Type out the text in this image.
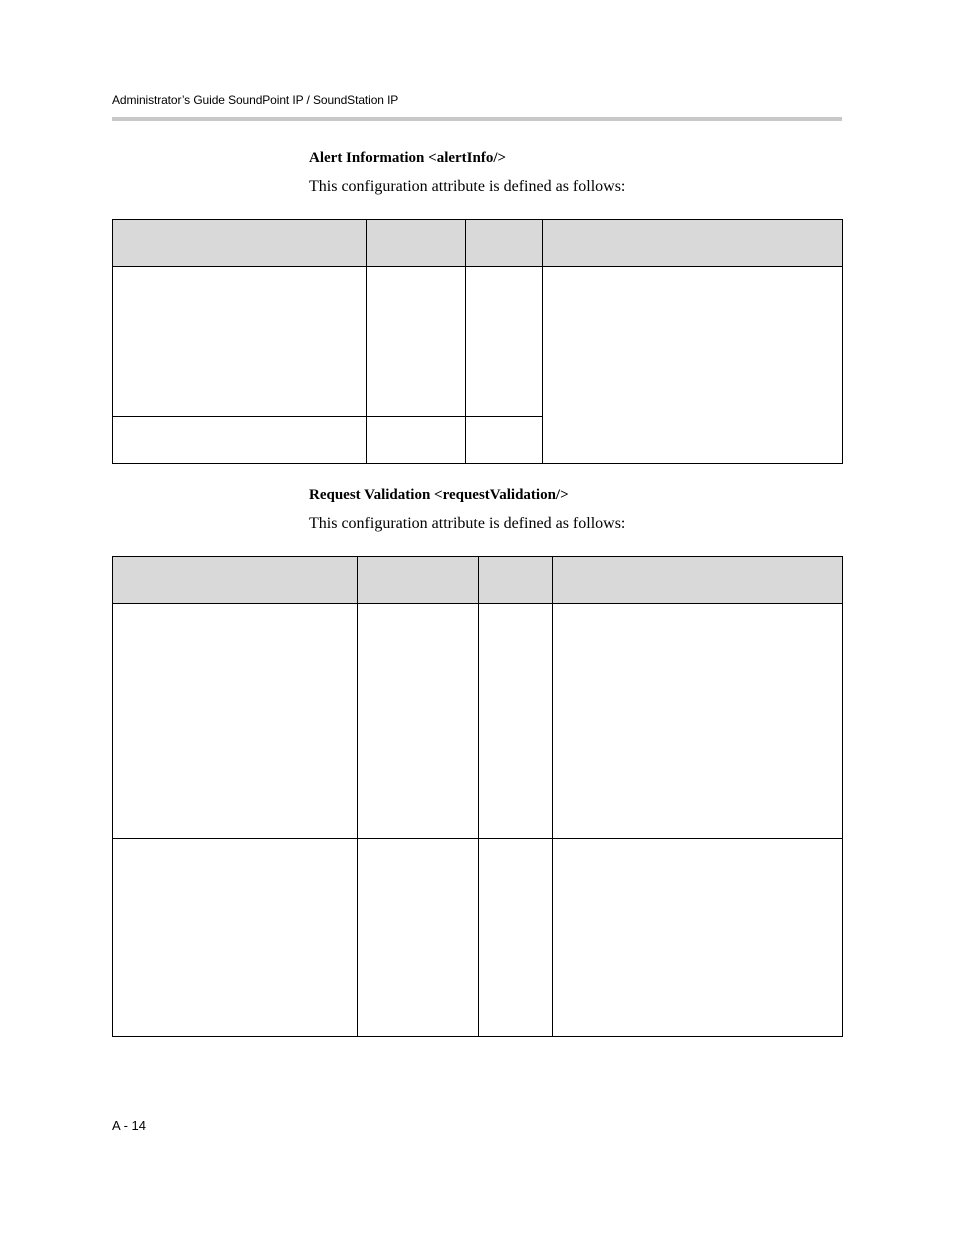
Administrator’s Guide SoundPoint IP / SoundStation IP
Alert Information <alertInfo/>
This configuration attribute is defined as follows:

Request Validation <requestValidation/>
This configuration attribute is defined as follows:

A - 14
